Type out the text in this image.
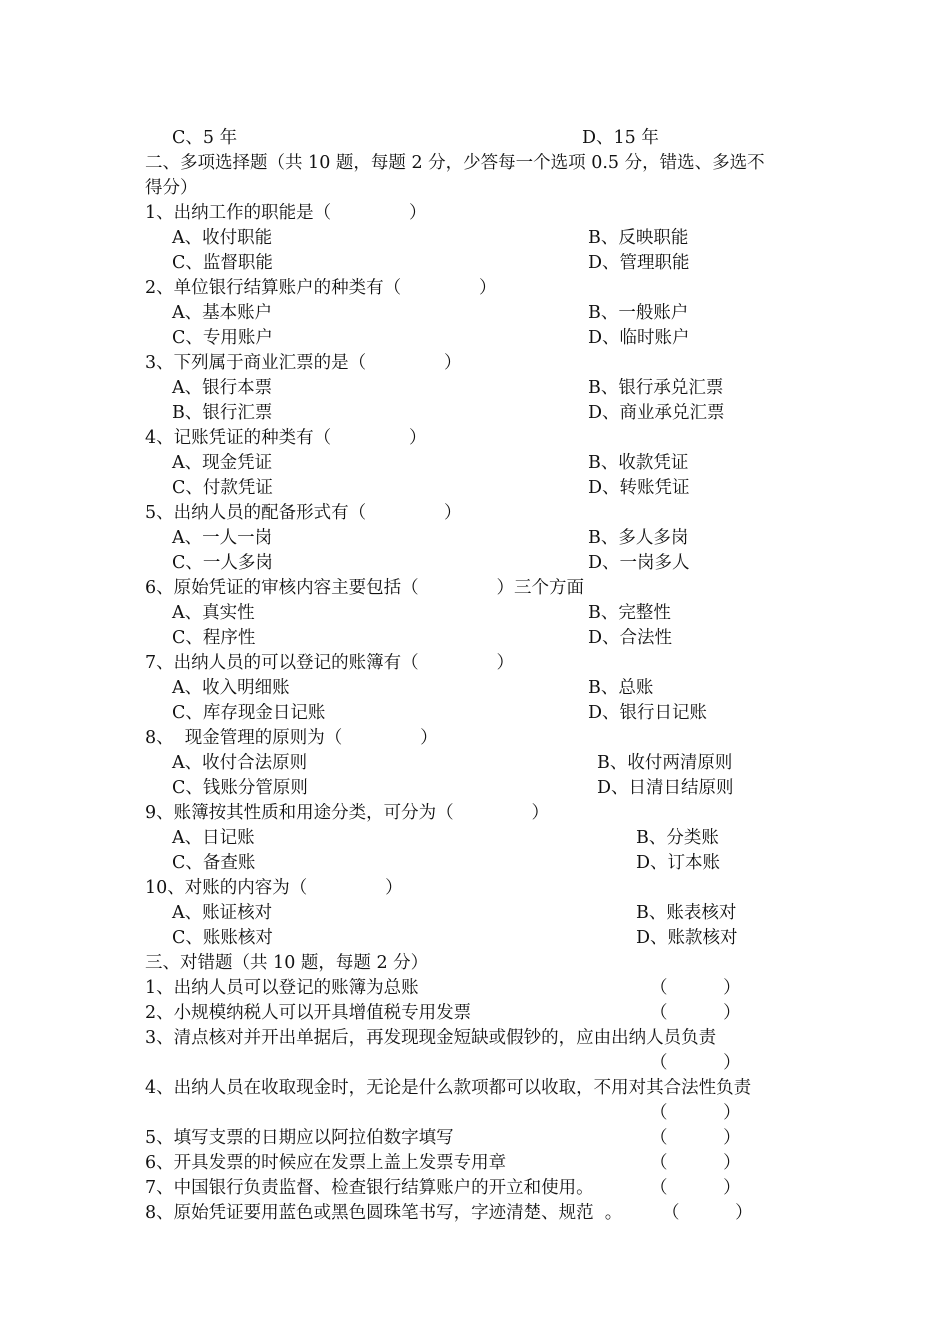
C、5 年	D、15 年
二、多项选择题（共 10 题，每题 2 分，少答每一个选项 0.5 分，错选、多选不
得分）
1、出纳工作的职能是（              ）
A、收付职能	B、反映职能
C、监督职能	D、管理职能
2、单位银行结算账户的种类有（              ）
A、基本账户	B、一般账户
C、专用账户	D、临时账户
3、下列属于商业汇票的是（              ）
A、银行本票	B、银行承兑汇票
B、银行汇票	D、商业承兑汇票
4、记账凭证的种类有（              ）
A、现金凭证	B、收款凭证
C、付款凭证	D、转账凭证
5、出纳人员的配备形式有（              ）
A、一人一岗	B、多人多岗
C、一人多岗	D、一岗多人
6、原始凭证的审核内容主要包括（              ）三个方面
A、真实性	B、完整性
C、程序性	D、合法性
7、出纳人员的可以登记的账簿有（              ）
A、收入明细账	B、总账
C、库存现金日记账	D、银行日记账
8、  现金管理的原则为（              ）
A、收付合法原则	B、收付两清原则
C、钱账分管原则	D、日清日结原则
9、账簿按其性质和用途分类，可分为（              ）
A、日记账	B、分类账
C、备查账	D、订本账
10、对账的内容为（              ）
A、账证核对	B、账表核对
C、账账核对	D、账款核对
三、对错题（共 10 题，每题 2 分）
1、出纳人员可以登记的账簿为总账	（          ）
2、小规模纳税人可以开具增值税专用发票	（          ）
3、清点核对并开出单据后，再发现现金短缺或假钞的，应由出纳人员负责
（          ）
4、出纳人员在收取现金时，无论是什么款项都可以收取，不用对其合法性负责
（          ）
5、填写支票的日期应以阿拉伯数字填写	（          ）
6、开具发票的时候应在发票上盖上发票专用章	（          ）
7、中国银行负责监督、检查银行结算账户的开立和使用。	（          ）
8、原始凭证要用蓝色或黑色圆珠笔书写，字迹清楚、规范  。 （          ）
